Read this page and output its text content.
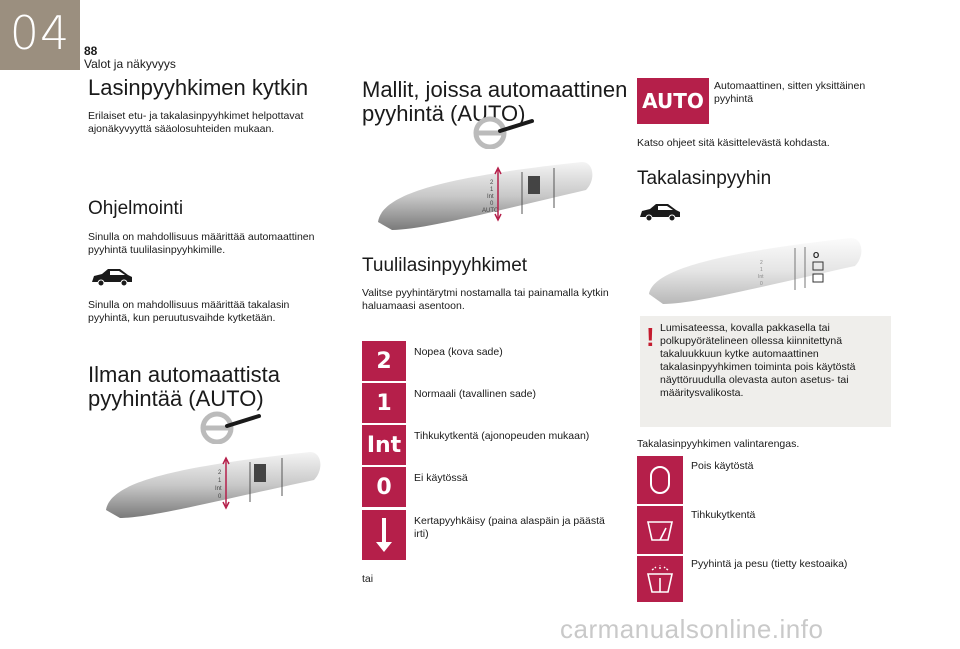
04	88
Valot ja näkyvyys
Lasinpyyhkimen kytkin

Erilaiset etu- ja takalasinpyyhkimet helpottavat ajonäkyvyyttä sääolosuhteiden mukaan.

Ohjelmointi

Sinulla on mahdollisuus määrittää automaattinen pyyhintä tuulilasinpyyhkimille.

Sinulla on mahdollisuus määrittää takalasin pyyhintä, kun peruutusvaihde kytketään.

Ilman automaattista pyyhintää (AUTO)
2
1
Int
0
Mallit, joissa automaattinen pyyhintä (AUTO)
2
1
Int
0
AUTO
Tuulilasinpyyhkimet

Valitse pyyhintärytmi nostamalla tai painamalla kytkin haluamaasi asentoon.

2 Nopea (kova sade)
1 Normaali (tavallinen sade)
Int Tihkukytkentä (ajonopeuden mukaan)
0 Ei käytössä
Kertapyyhkäisy (paina alaspäin ja päästä irti)
tai
AUTO
Automaattinen, sitten yksittäinen pyyhintä

Katso ohjeet sitä käsittelevästä kohdasta.

Takalasinpyyhin
O
2
1
Int
0
! Lumisateessa, kovalla pakkasella tai polkupyörätelineen ollessa kiinnitettynä takaluukkuun kytke automaattinen takalasinpyyhkimen toiminta pois käytöstä näyttöruudulla olevasta auton asetus- tai määritysvalikosta.

Takalasinpyyhkimen valintarengas.

Pois käytöstä
Tihkukytkentä
Pyyhintä ja pesu (tietty kestoaika)
carmanualsonline.info
